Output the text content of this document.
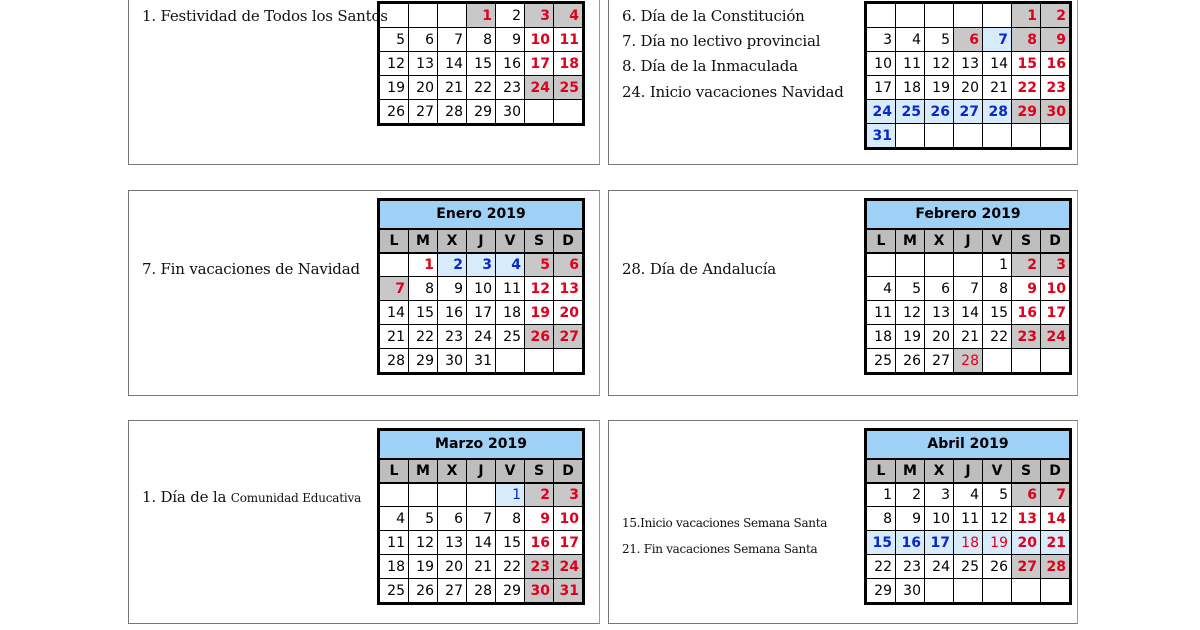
1. Festividad de Todos los Santos	6. Día de la Constitución
7. Día no lectivo provincial
8. Día de la Inmaculada
24. Inicio vacaciones Navidad
			1	2	3	4
5	6	7	8	9	10	11
12	13	14	15	16	17	18
19	20	21	22	23	24	25
26	27	28	29	30		
					1	2
3	4	5	6	7	8	9
10	11	12	13	14	15	16
17	18	19	20	21	22	23
24	25	26	27	28	29	30
31						
7. Fin vacaciones de Navidad	28. Día de Andalucía
Enero 2019						
L	M	X	J	V	S	D
	1	2	3	4	5	6
7	8	9	10	11	12	13
14	15	16	17	18	19	20
21	22	23	24	25	26	27
28	29	30	31			
Febrero 2019						
L	M	X	J	V	S	D
				1	2	3
4	5	6	7	8	9	10
11	12	13	14	15	16	17
18	19	20	21	22	23	24
25	26	27	28			
1. Día de la Comunidad Educativa
15.Inicio vacaciones Semana Santa
21. Fin vacaciones Semana Santa
Marzo 2019						
L	M	X	J	V	S	D
				1	2	3
4	5	6	7	8	9	10
11	12	13	14	15	16	17
18	19	20	21	22	23	24
25	26	27	28	29	30	31
Abril 2019						
L	M	X	J	V	S	D
1	2	3	4	5	6	7
8	9	10	11	12	13	14
15	16	17	18	19	20	21
22	23	24	25	26	27	28
29	30					
